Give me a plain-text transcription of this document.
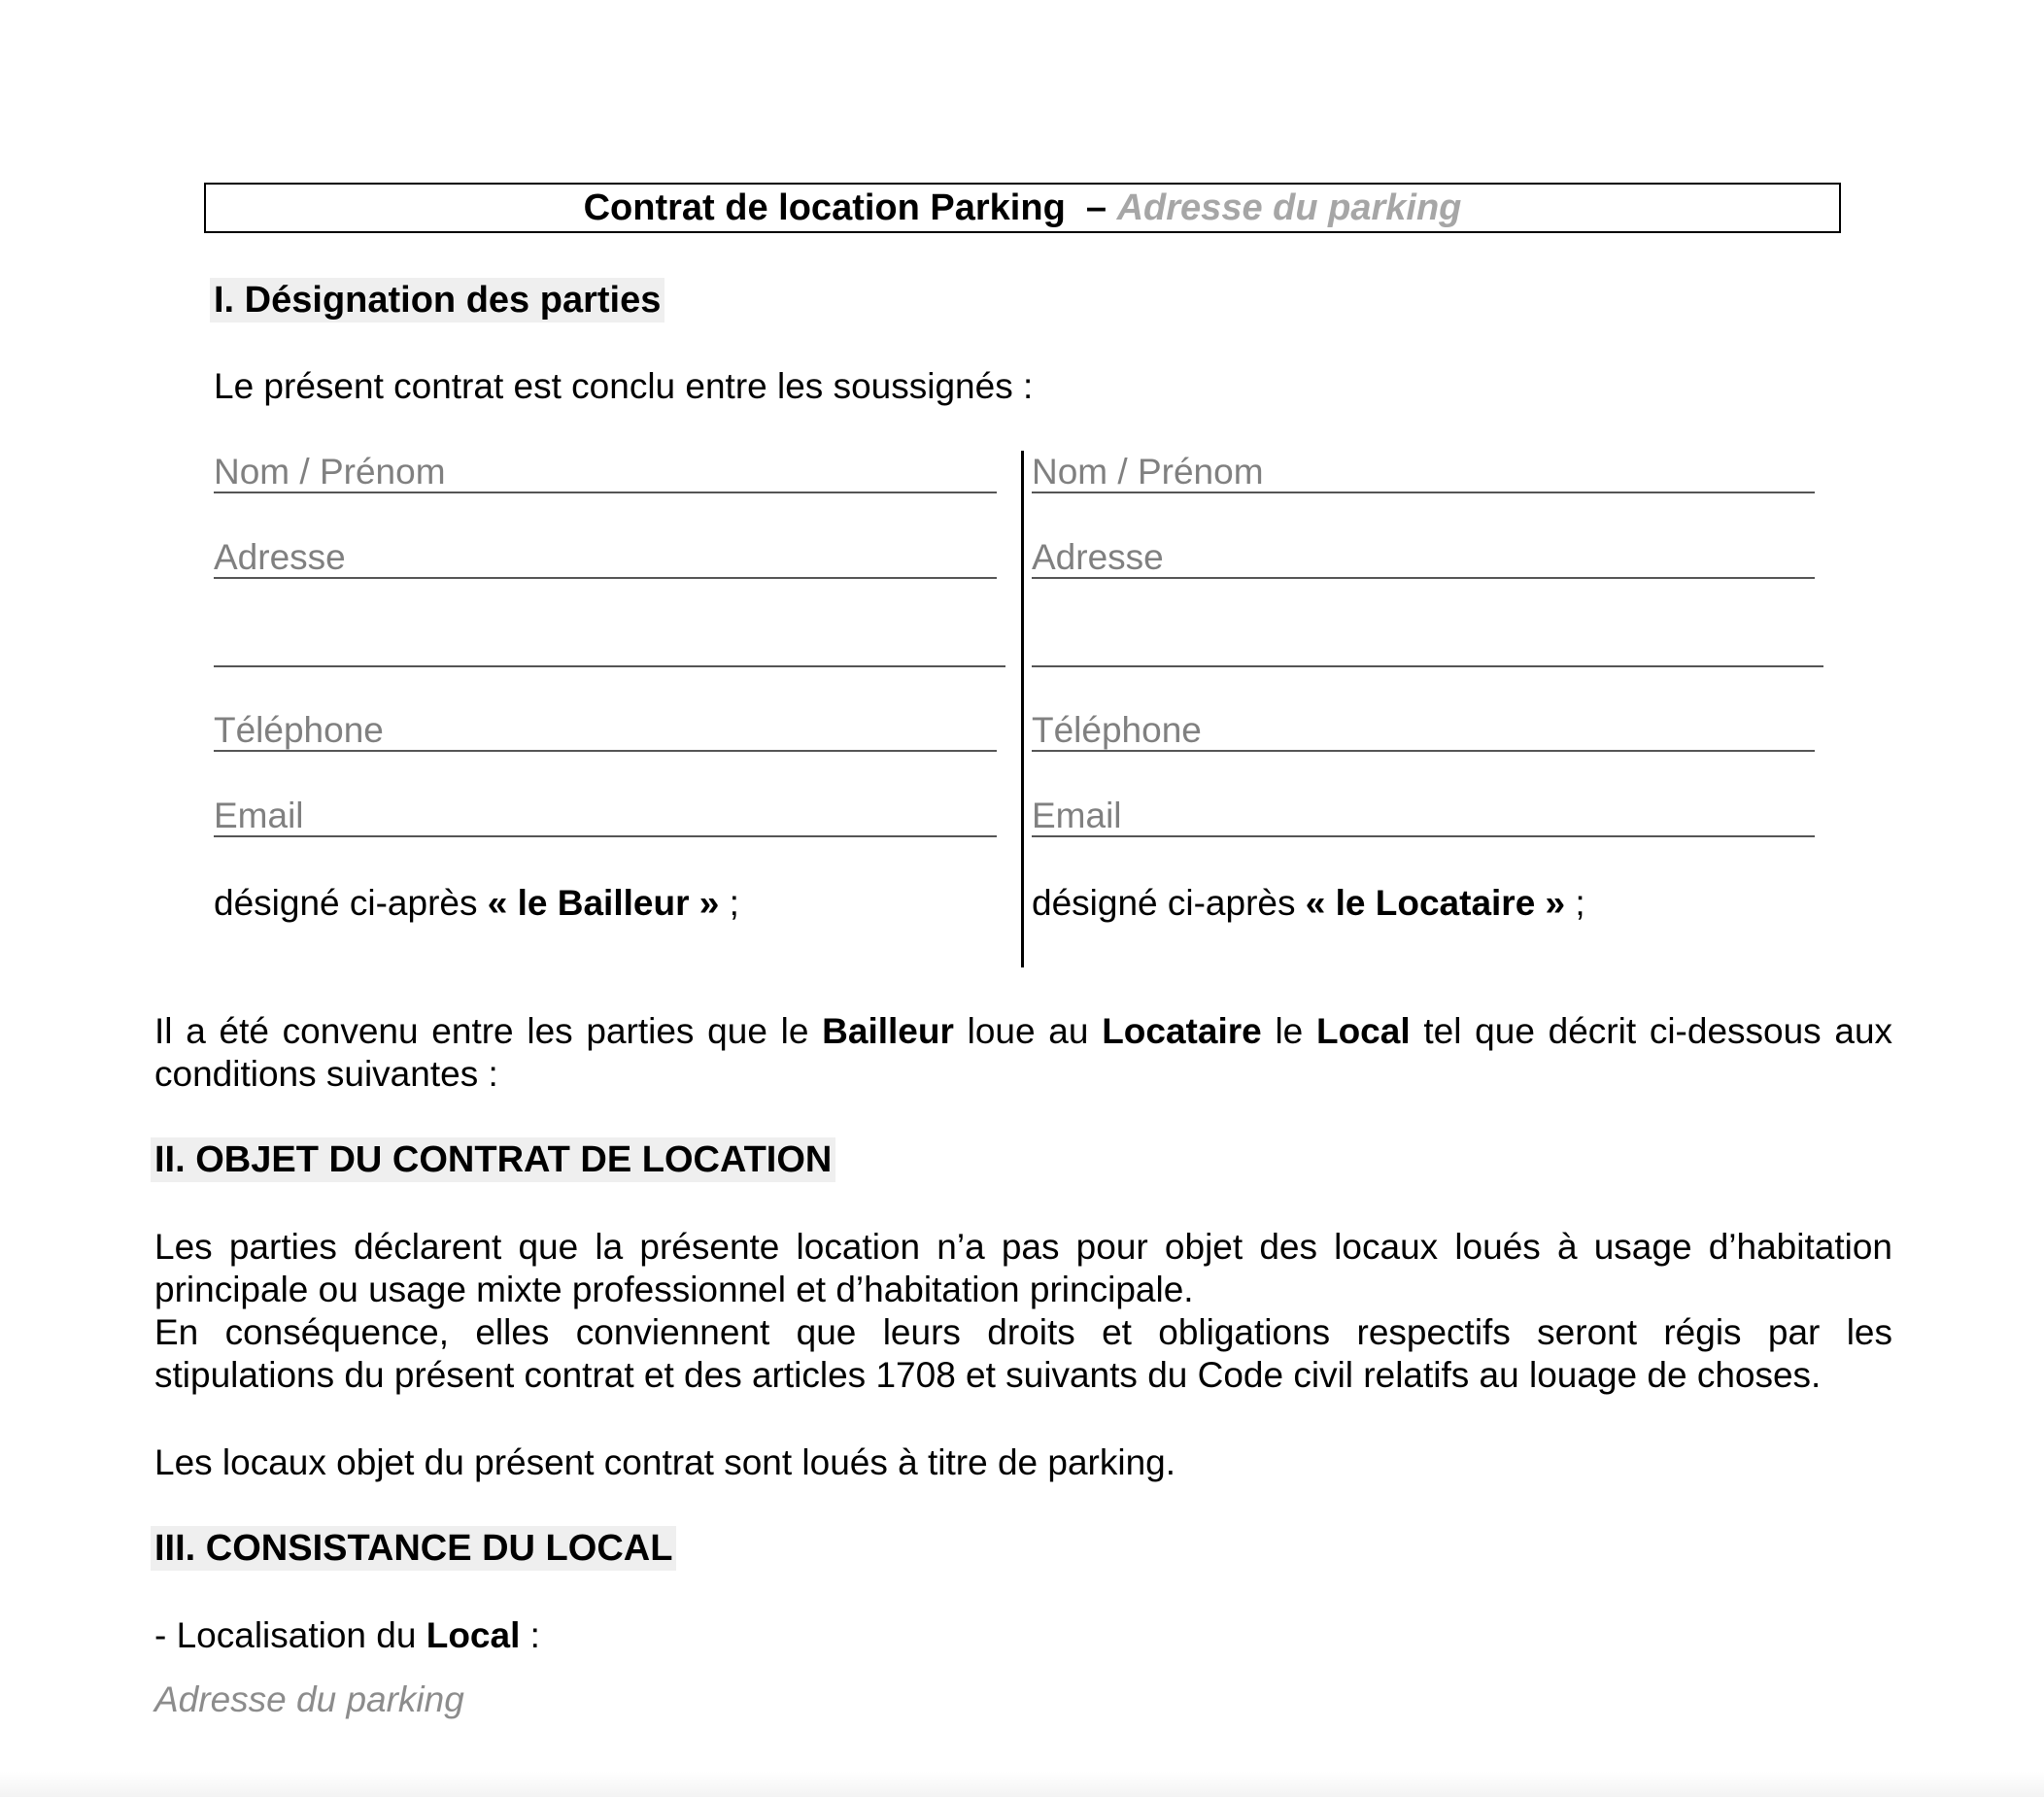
Contrat de location Parking
–
Adresse du parking
I. Désignation des parties
Le présent contrat est conclu entre les soussignés :
Nom / Prénom
Adresse
Téléphone
Email
désigné ci-après « le Bailleur » ;
Nom / Prénom
Adresse
Téléphone
Email
désigné ci-après « le Locataire » ;
Il a été convenu entre les parties que le Bailleur loue au Locataire le Local tel que décrit ci-dessous aux
conditions suivantes :
II. OBJET DU CONTRAT DE LOCATION
Les parties déclarent que la présente location n’a pas pour objet des locaux loués à usage d’habitation
principale ou usage mixte professionnel et d’habitation principale.
En conséquence, elles conviennent que leurs droits et obligations respectifs seront régis par les
stipulations du présent contrat et des articles 1708 et suivants du Code civil relatifs au louage de choses.
Les locaux objet du présent contrat sont loués à titre de parking.
III. CONSISTANCE DU LOCAL
- Localisation du Local :
Adresse du parking
